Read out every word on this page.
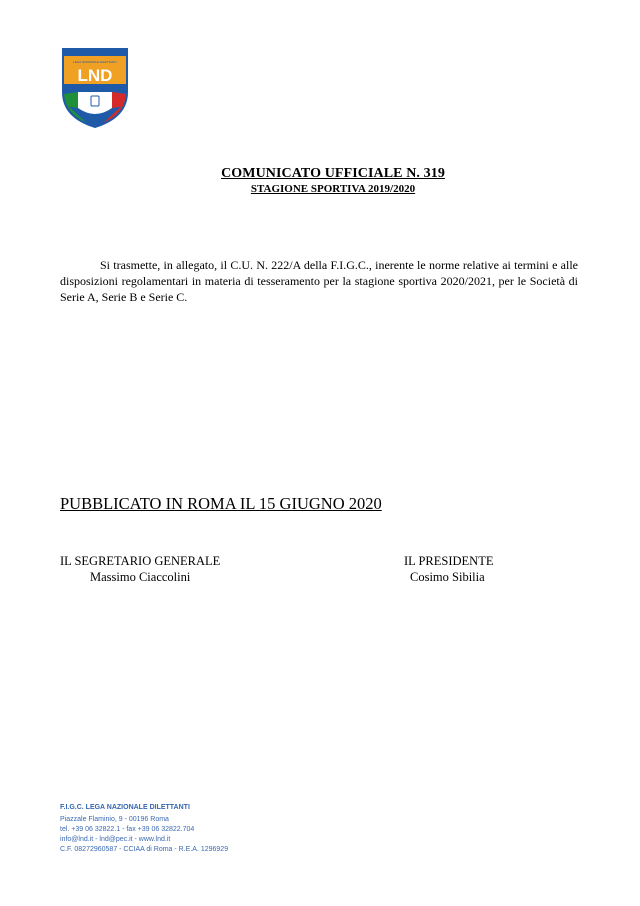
LEGA NAZIONALE DILETTANTI
LND
COMUNICATO UFFICIALE N. 319
STAGIONE SPORTIVA 2019/2020
Si trasmette, in allegato, il C.U. N. 222/A della F.I.G.C., inerente le norme relative ai termini e alle disposizioni regolamentari in materia di tesseramento per la stagione sportiva 2020/2021, per le Società di Serie A, Serie B e Serie C.
PUBBLICATO IN ROMA IL 15 GIUGNO 2020
IL SEGRETARIO GENERALE
Massimo Ciaccolini
IL PRESIDENTE
Cosimo Sibilia
F.I.G.C. LEGA NAZIONALE DILETTANTI
Piazzale Flaminio, 9 - 00196 Roma
tel. +39 06 32822.1 - fax +39 06 32822.704
info@lnd.it - lnd@pec.it - www.lnd.it
C.F. 08272960587 - CCIAA di Roma - R.E.A. 1296929
